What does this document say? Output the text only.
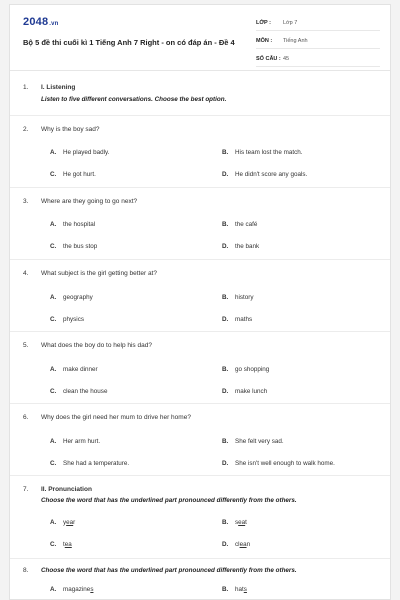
2048.vn
Bộ 5 đề thi cuối kì 1 Tiếng Anh 7 Right - on có đáp án - Đề 4
LỚP :	Lớp 7
MÔN :	Tiếng Anh
SỐ CÂU : 45
1. I. Listening
Listen to five different conversations. Choose the best option.
2. Why is the boy sad?
A. He played badly.	B. His team lost the match.
C. He got hurt.	D. He didn't score any goals.
3. Where are they going to go next?
A. the hospital	B. the café
C. the bus stop	D. the bank
4. What subject is the girl getting better at?
A. geography	B. history
C. physics	D. maths
5. What does the boy do to help his dad?
A. make dinner	B. go shopping
C. clean the house	D. make lunch
6. Why does the girl need her mum to drive her home?
A. Her arm hurt.	B. She felt very sad.
C. She had a temperature.	D. She isn't well enough to walk home.
7. II. Pronunciation
Choose the word that has the underlined part pronounced differently from the others.
A. year	B. seat
C. tea	D. clean
8. Choose the word that has the underlined part pronounced differently from the others.
A. magazines	B. hats
